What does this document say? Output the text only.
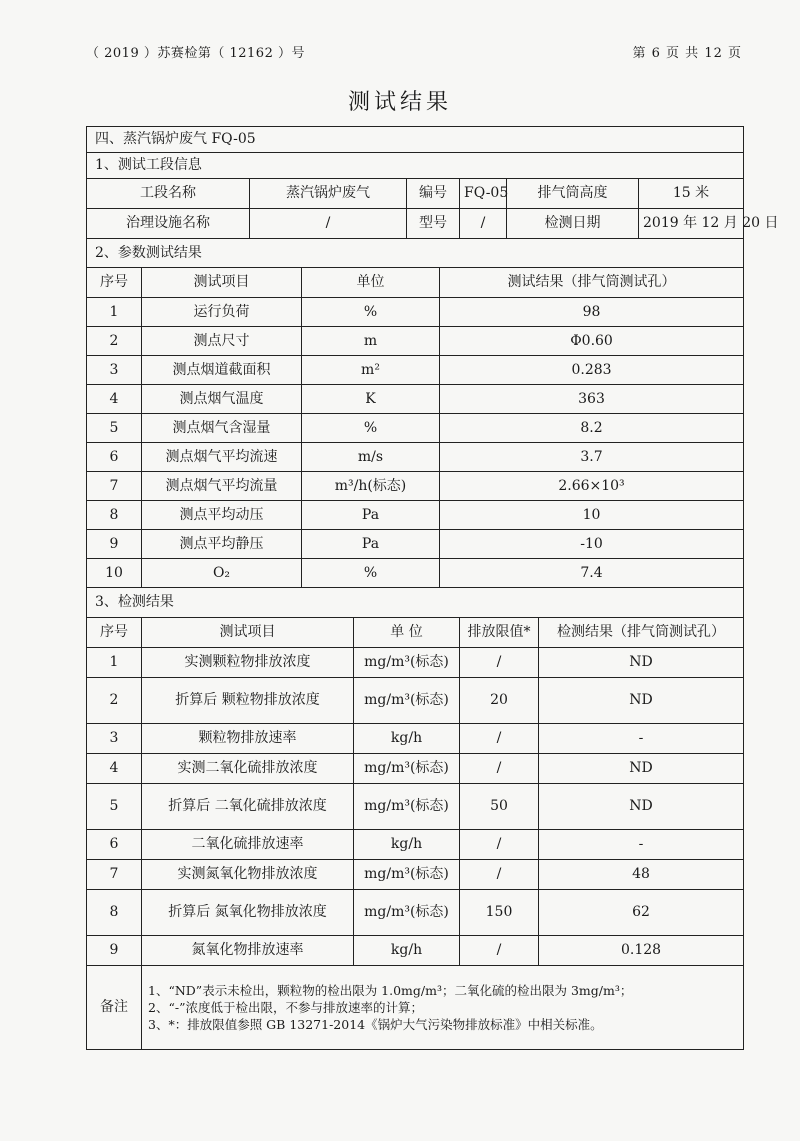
（ 2019 ）苏赛检第（ 12162 ）号	第 6 页 共 12 页
测试结果
四、蒸汽锅炉废气 FQ-05										
1、测试工段信息										
工段名称		蒸汽锅炉废气			编号		FQ-05	排气筒高度		15 米
治理设施名称		/			型号		/	检测日期		2019 年 12 月 20 日
2、参数测试结果										
序号	测试项目		单位			测试结果（排气筒测试孔）				
1	运行负荷		%			98				
2	测点尺寸		m			Φ0.60				
3	测点烟道截面积		m²			0.283				
4	测点烟气温度		K			363				
5	测点烟气含湿量		%			8.2				
6	测点烟气平均流速		m/s			3.7				
7	测点烟气平均流量		m³/h(标态)			2.66×10³				
8	测点平均动压		Pa			10				
9	测点平均静压		Pa			-10				
10	O₂		%			7.4				
3、检测结果										
序号	测试项目			单 位			排放限值*		检测结果（排气筒测试孔）	
1	实测颗粒物排放浓度			mg/m³(标态)			/		ND	
2	折算后 颗粒物排放浓度			mg/m³(标态)			20		ND	
3	颗粒物排放速率			kg/h			/		-	
4	实测二氧化硫排放浓度			mg/m³(标态)			/		ND	
5	折算后 二氧化硫排放浓度			mg/m³(标态)			50		ND	
6	二氧化硫排放速率			kg/h			/		-	
7	实测氮氧化物排放浓度			mg/m³(标态)			/		48	
8	折算后 氮氧化物排放浓度			mg/m³(标态)			150		62	
9	氮氧化物排放速率			kg/h			/		0.128	
备注	1、“ND”表示未检出，颗粒物的检出限为 1.0mg/m³；二氧化硫的检出限为 3mg/m³；
2、“-”浓度低于检出限，不参与排放速率的计算；
3、*：排放限值参照 GB 13271-2014《锅炉大气污染物排放标准》中相关标准。									
